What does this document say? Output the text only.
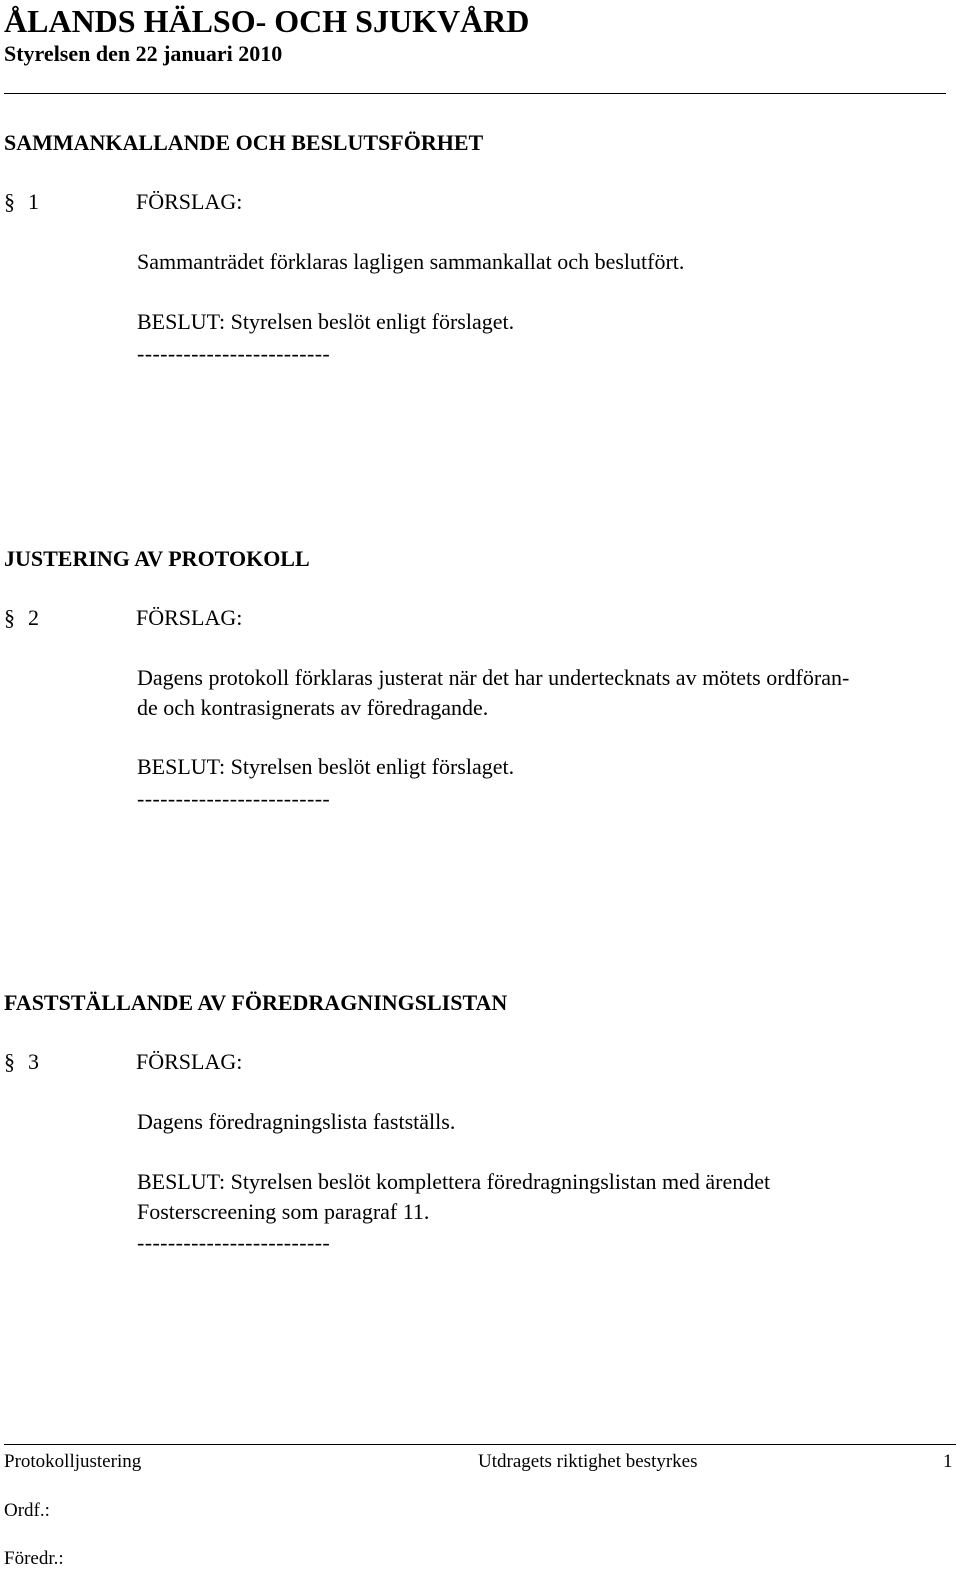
ÅLANDS HÄLSO- OCH SJUKVÅRD
Styrelsen den 22 januari 2010
SAMMANKALLANDE OCH BESLUTSFÖRHET
§ 1	FÖRSLAG:
Sammanträdet förklaras lagligen sammankallat och beslutfört.
BESLUT: Styrelsen beslöt enligt förslaget.
-------------------------
JUSTERING AV PROTOKOLL
§ 2	FÖRSLAG:
Dagens protokoll förklaras justerat när det har undertecknats av mötets ordföran-
de och kontrasignerats av föredragande.
BESLUT: Styrelsen beslöt enligt förslaget.
-------------------------
FASTSTÄLLANDE AV FÖREDRAGNINGSLISTAN
§ 3	FÖRSLAG:
Dagens föredragningslista fastställs.
BESLUT: Styrelsen beslöt komplettera föredragningslistan med ärendet
Fosterscreening som paragraf 11.
-------------------------
Protokolljustering	Utdragets riktighet bestyrkes	1
Ordf.:
Föredr.:
